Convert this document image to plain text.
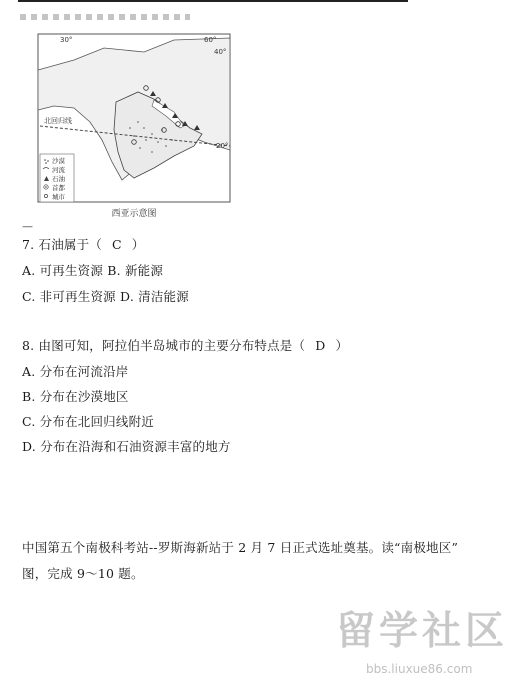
北回归线
30°	60°
40°
20°
沙漠
河流
石油
首都
城市
西亚示意图
—
7. 石油属于（ C ）
A. 可再生资源 B. 新能源
C. 非可再生资源 D. 清洁能源
8. 由图可知，阿拉伯半岛城市的主要分布特点是（ D ）
A. 分布在河流沿岸
B. 分布在沙漠地区
C. 分布在北回归线附近
D. 分布在沿海和石油资源丰富的地方
中国第五个南极科考站--罗斯海新站于 2 月 7 日正式选址奠基。读“南极地区”
图，完成 9～10 题。
留学社区
bbs.liuxue86.com
